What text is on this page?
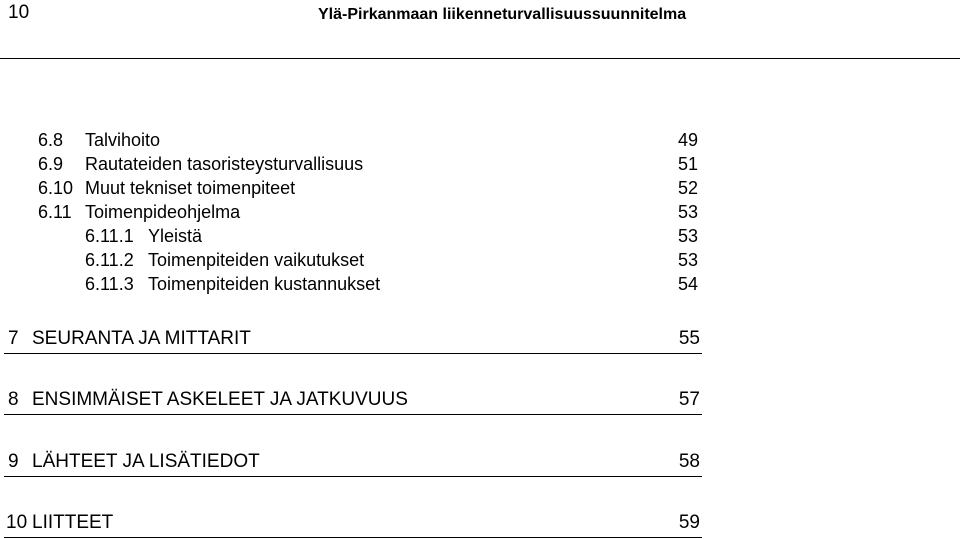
10	Ylä-Pirkanmaan liikenneturvallisuussuunnitelma
6.8 Talvihoito	49
6.9 Rautateiden tasoristeysturvallisuus	51
6.10 Muut tekniset toimenpiteet	52
6.11 Toimenpideohjelma	53
6.11.1 Yleistä	53
6.11.2 Toimenpiteiden vaikutukset	53
6.11.3 Toimenpiteiden kustannukset	54
7 SEURANTA JA MITTARIT	55
8 ENSIMMÄISET ASKELEET JA JATKUVUUS	57
9 LÄHTEET JA LISÄTIEDOT	58
10 LIITTEET	59
